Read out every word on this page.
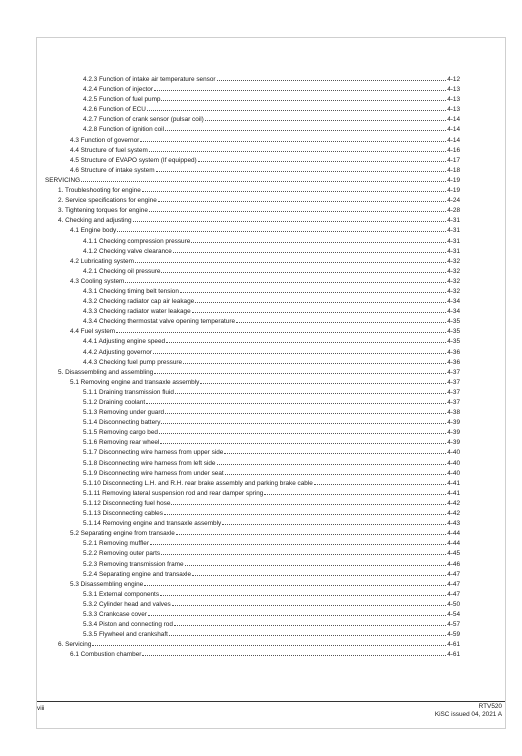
4.2.3 Function of intake air temperature sensor	4-12
4.2.4 Function of injector	4-13
4.2.5 Function of fuel pump	4-13
4.2.6 Function of ECU	4-13
4.2.7 Function of crank sensor (pulsar coil)	4-14
4.2.8 Function of ignition coil	4-14
4.3 Function of governor	4-14
4.4 Structure of fuel system	4-16
4.5 Structure of EVAPO system (If equipped)	4-17
4.6 Structure of intake system	4-18
SERVICING	4-19
1. Troubleshooting for engine	4-19
2. Service specifications for engine	4-24
3. Tightening torques for engine	4-28
4. Checking and adjusting	4-31
4.1 Engine body	4-31
4.1.1 Checking compression pressure	4-31
4.1.2 Checking valve clearance	4-31
4.2 Lubricating system	4-32
4.2.1 Checking oil pressure	4-32
4.3 Cooling system	4-32
4.3.1 Checking timing belt tension	4-32
4.3.2 Checking radiator cap air leakage	4-34
4.3.3 Checking radiator water leakage	4-34
4.3.4 Checking thermostat valve opening temperature	4-35
4.4 Fuel system	4-35
4.4.1 Adjusting engine speed	4-35
4.4.2 Adjusting governor	4-36
4.4.3 Checking fuel pump pressure	4-36
5. Disassembling and assembling	4-37
5.1 Removing engine and transaxle assembly	4-37
5.1.1 Draining transmission fluid	4-37
5.1.2 Draining coolant	4-37
5.1.3 Removing under guard	4-38
5.1.4 Disconnecting battery	4-39
5.1.5 Removing cargo bed	4-39
5.1.6 Removing rear wheel	4-39
5.1.7 Disconnecting wire harness from upper side	4-40
5.1.8 Disconnecting wire harness from left side	4-40
5.1.9 Disconnecting wire harness from under seat	4-40
5.1.10 Disconnecting L.H. and R.H. rear brake assembly and parking brake cable	4-41
5.1.11 Removing lateral suspension rod and rear damper spring	4-41
5.1.12 Disconnecting fuel hose	4-42
5.1.13 Disconnecting cables	4-42
5.1.14 Removing engine and transaxle assembly	4-43
5.2 Separating engine from transaxle	4-44
5.2.1 Removing muffler	4-44
5.2.2 Removing outer parts	4-45
5.2.3 Removing transmission frame	4-46
5.2.4 Separating engine and transaxle	4-47
5.3 Disassembling engine	4-47
5.3.1 External components	4-47
5.3.2 Cylinder head and valves	4-50
5.3.3 Crankcase cover	4-54
5.3.4 Piston and connecting rod	4-57
5.3.5 Flywheel and crankshaft	4-59
6. Servicing	4-61
6.1 Combustion chamber	4-61
viii	RTV520
KiSC issued 04, 2021 A
